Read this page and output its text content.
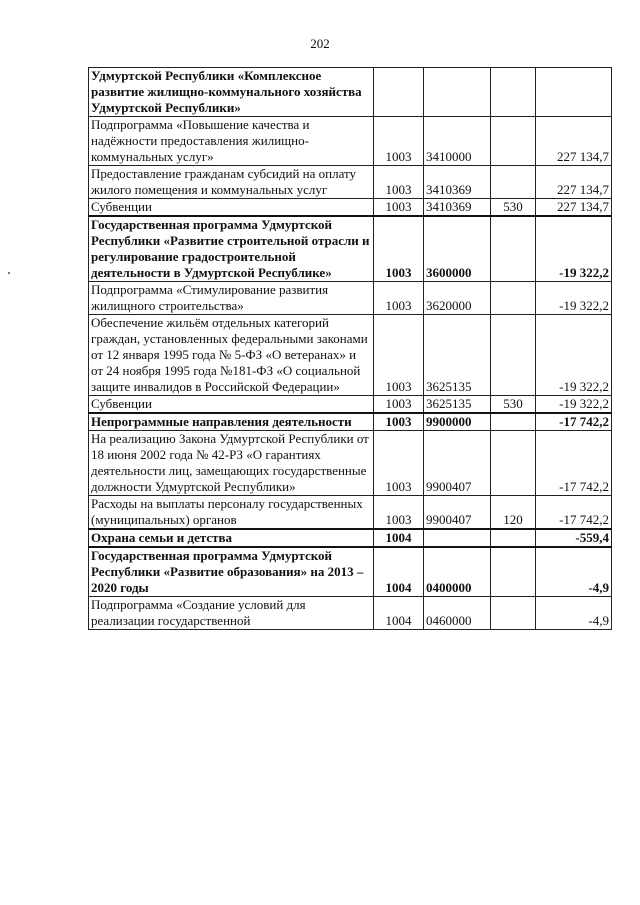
202
Удмуртской Республики «Комплексное развитие жилищно-коммунального хозяйства Удмуртской Республики»				
Подпрограмма «Повышение качества и надёжности предоставления жилищно-коммунальных услуг»	1003	3410000		227 134,7
Предоставление гражданам субсидий на оплату жилого помещения и коммунальных услуг	1003	3410369		227 134,7
Субвенции	1003	3410369	530	227 134,7
Государственная программа Удмуртской Республики «Развитие строительной отрасли и регулирование градостроительной деятельности в Удмуртской Республике»	1003	3600000		-19 322,2
Подпрограмма «Стимулирование развития жилищного строительства»	1003	3620000		-19 322,2
Обеспечение жильём отдельных категорий граждан, установленных федеральными законами от 12 января 1995 года № 5-ФЗ «О ветеранах» и от 24 ноября 1995 года №181-ФЗ «О социальной защите инвалидов в Российской Федерации»	1003	3625135		-19 322,2
Субвенции	1003	3625135	530	-19 322,2
Непрограммные направления деятельности	1003	9900000		-17 742,2
На реализацию Закона Удмуртской Республики от 18 июня 2002 года № 42-РЗ «О гарантиях деятельности лиц, замещающих государственные должности Удмуртской Республики»	1003	9900407		-17 742,2
Расходы на выплаты персоналу государственных (муниципальных) органов	1003	9900407	120	-17 742,2
Охрана семьи и детства	1004			-559,4
Государственная программа Удмуртской Республики «Развитие образования» на 2013 – 2020 годы	1004	0400000		-4,9
Подпрограмма «Создание условий для реализации государственной	1004	0460000		-4,9
